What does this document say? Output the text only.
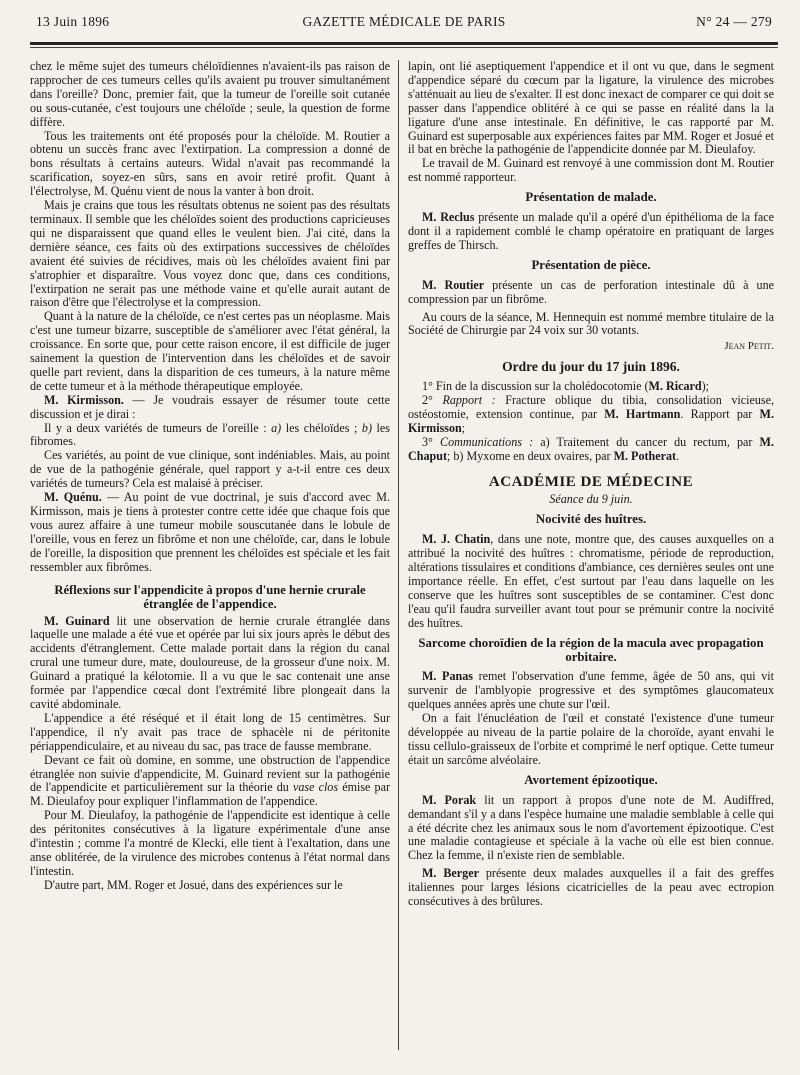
13 Juin 1896	GAZETTE MÉDICALE DE PARIS	N° 24 — 279

chez le même sujet des tumeurs chéloïdiennes n'avaient-ils pas raison de rapprocher de ces tumeurs celles qu'ils avaient pu trouver simultanément dans l'oreille? Donc, premier fait, que la tumeur de l'oreille soit cutanée ou sous-cutanée, c'est toujours une chéloïde ; seule, la question de forme diffère.

Tous les traitements ont été proposés pour la chéloïde. M. Routier a obtenu un succès franc avec l'extirpation. La compression a donné de bons résultats à certains auteurs. Widal n'avait pas recommandé la scarification, soyez-en sûrs, sans en avoir retiré profit. Quant à l'électrolyse, M. Quénu vient de nous la vanter à bon droit.

Mais je crains que tous les résultats obtenus ne soient pas des résultats terminaux. Il semble que les chéloïdes soient des productions capricieuses qui ne disparaissent que quand elles le veulent bien. J'ai cité, dans la dernière séance, ces faits où des extirpations successives de chéloïdes avaient été suivies de récidives, mais où les chéloïdes avaient fini par s'atrophier et disparaître. Vous voyez donc que, dans ces conditions, l'extirpation ne serait pas une méthode vaine et qu'elle aurait autant de raison d'être que l'électrolyse et la compression.

Quant à la nature de la chéloïde, ce n'est certes pas un néoplasme. Mais c'est une tumeur bizarre, susceptible de s'améliorer avec l'état général, la croissance. En sorte que, pour cette raison encore, il est difficile de juger sainement la question de l'intervention dans les chéloïdes et de savoir quelle part revient, dans la disparition de ces tumeurs, à la nature même de cette tumeur et à la méthode thérapeutique employée.

M. Kirmisson. — Je voudrais essayer de résumer toute cette discussion et je dirai :

Il y a deux variétés de tumeurs de l'oreille : a) les chéloïdes ; b) les fibromes.

Ces variétés, au point de vue clinique, sont indéniables. Mais, au point de vue de la pathogénie générale, quel rapport y a-t-il entre ces deux variétés de tumeurs? Cela est malaisé à préciser.

M. Quénu. — Au point de vue doctrinal, je suis d'accord avec M. Kirmisson, mais je tiens à protester contre cette idée que chaque fois que vous aurez affaire à une tumeur mobile souscutanée dans le lobule de l'oreille, vous en ferez un fibrôme et non une chéloïde, car, dans le lobule de l'oreille, la disposition que prennent les chéloïdes est spéciale et les fait ressembler aux fibrômes.

Réflexions sur l'appendicite à propos d'une hernie crurale étranglée de l'appendice.

M. Guinard lit une observation de hernie crurale étranglée dans laquelle une malade a été vue et opérée par lui six jours après le début des accidents d'étranglement. Cette malade portait dans la région du canal crural une tumeur dure, mate, douloureuse, de la grosseur d'une noix. M. Guinard a pratiqué la kélotomie. Il a vu que le sac contenait une anse formée par l'appendice cœcal dont l'extrémité libre plongeait dans la cavité abdominale.

L'appendice a été réséqué et il était long de 15 centimètres. Sur l'appendice, il n'y avait pas trace de sphacèle ni de péritonite périappendiculaire, et au niveau du sac, pas trace de fausse membrane.

Devant ce fait où domine, en somme, une obstruction de l'appendice étranglée non suivie d'appendicite, M. Guinard revient sur la pathogénie de l'appendicite et particulièrement sur la théorie du vase clos émise par M. Dieulafoy pour expliquer l'inflammation de l'appendice.

Pour M. Dieulafoy, la pathogénie de l'appendicite est identique à celle des péritonites consécutives à la ligature expérimentale d'une anse d'intestin ; comme l'a montré de Klecki, elle tient à l'exaltation, dans une anse oblitérée, de la virulence des microbes contenus à l'état normal dans l'intestin.

D'autre part, MM. Roger et Josué, dans des expériences sur le

lapin, ont lié aseptiquement l'appendice et il ont vu que, dans le segment d'appendice séparé du cœcum par la ligature, la virulence des microbes s'atténuait au lieu de s'exalter. Il est donc inexact de comparer ce qui doit se passer dans l'appendice oblitéré à ce qui se passe en réalité dans la la ligature d'une anse intestinale. En définitive, le cas rapporté par M. Guinard est superposable aux expériences faites par MM. Roger et Josué et il bat en brèche la pathogénie de l'appendicite donnée par M. Dieulafoy.

Le travail de M. Guinard est renvoyé à une commission dont M. Routier est nommé rapporteur.

Présentation de malade.

M. Reclus présente un malade qu'il a opéré d'un épithélioma de la face dont il a rapidement comblé le champ opératoire en pratiquant de larges greffes de Thirsch.

Présentation de pièce.

M. Routier présente un cas de perforation intestinale dû à une compression par un fibrôme.

Au cours de la séance, M. Hennequin est nommé membre titulaire de la Société de Chirurgie par 24 voix sur 30 votants.

Jean Petit.
Ordre du jour du 17 juin 1896.

1° Fin de la discussion sur la cholédocotomie (M. Ricard);

2° Rapport : Fracture oblique du tibia, consolidation vicieuse, ostéostomie, extension continue, par M. Hartmann. Rapport par M. Kirmisson;

3° Communications : a) Traitement du cancer du rectum, par M. Chaput; b) Myxome en deux ovaires, par M. Potherat.

ACADÉMIE DE MÉDECINE
Séance du 9 juin.
Nocivité des huîtres.

M. J. Chatin, dans une note, montre que, des causes auxquelles on a attribué la nocivité des huîtres : chromatisme, période de reproduction, altérations tissulaires et conditions d'ambiance, ces dernières seules ont une importance réelle. En effet, c'est surtout par l'eau dans laquelle on les conserve que les huîtres sont susceptibles de se contaminer. C'est donc l'eau qu'il faudra surveiller avant tout pour se prémunir contre la nocivité des huîtres.

Sarcome choroïdien de la région de la macula avec propagation orbitaire.

M. Panas remet l'observation d'une femme, âgée de 50 ans, qui vit survenir de l'amblyopie progressive et des symptômes glaucomateux quelques années après une chute sur l'œil.

On a fait l'énucléation de l'œil et constaté l'existence d'une tumeur développée au niveau de la partie polaire de la choroïde, ayant envahi le tissu cellulo-graisseux de l'orbite et comprimé le nerf optique. Cette tumeur était un sarcôme alvéolaire.

Avortement épizootique.

M. Porak lit un rapport à propos d'une note de M. Audiffred, demandant s'il y a dans l'espèce humaine une maladie semblable à celle qui a été décrite chez les animaux sous le nom d'avortement épizootique. C'est une maladie contagieuse et spéciale à la vache où elle est bien connue. Chez la femme, il n'existe rien de semblable.

M. Berger présente deux malades auxquelles il a fait des greffes italiennes pour larges lésions cicatricielles de la peau avec ectropion consécutives à des brûlures.
